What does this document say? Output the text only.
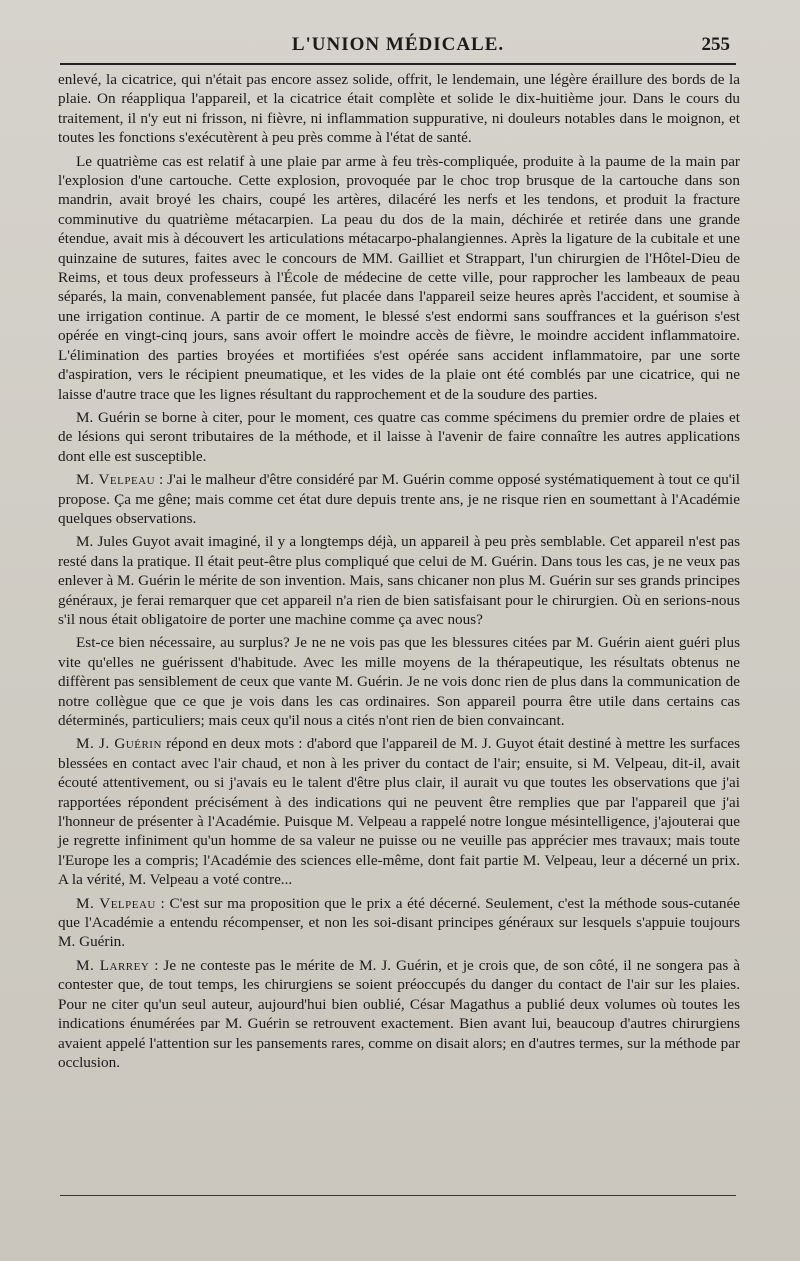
L'UNION MÉDICALE.	255

enlevé, la cicatrice, qui n'était pas encore assez solide, offrit, le lendemain, une légère éraillure des bords de la plaie. On réappliqua l'appareil, et la cicatrice était complète et solide le dix-huitième jour. Dans le cours du traitement, il n'y eut ni frisson, ni fièvre, ni inflammation suppurative, ni douleurs notables dans le moignon, et toutes les fonctions s'exécutèrent à peu près comme à l'état de santé.

Le quatrième cas est relatif à une plaie par arme à feu très-compliquée, produite à la paume de la main par l'explosion d'une cartouche. Cette explosion, provoquée par le choc trop brusque de la cartouche dans son mandrin, avait broyé les chairs, coupé les artères, dilacéré les nerfs et les tendons, et produit la fracture comminutive du quatrième métacarpien. La peau du dos de la main, déchirée et retirée dans une grande étendue, avait mis à découvert les articulations métacarpo-phalangiennes. Après la ligature de la cubitale et une quinzaine de sutures, faites avec le concours de MM. Gailliet et Strappart, l'un chirurgien de l'Hôtel-Dieu de Reims, et tous deux professeurs à l'École de médecine de cette ville, pour rapprocher les lambeaux de peau séparés, la main, convenablement pansée, fut placée dans l'appareil seize heures après l'accident, et soumise à une irrigation continue. A partir de ce moment, le blessé s'est endormi sans souffrances et la guérison s'est opérée en vingt-cinq jours, sans avoir offert le moindre accès de fièvre, le moindre accident inflammatoire. L'élimination des parties broyées et mortifiées s'est opérée sans accident inflammatoire, par une sorte d'aspiration, vers le récipient pneumatique, et les vides de la plaie ont été comblés par une cicatrice, qui ne laisse d'autre trace que les lignes résultant du rapprochement et de la soudure des parties.

M. Guérin se borne à citer, pour le moment, ces quatre cas comme spécimens du premier ordre de plaies et de lésions qui seront tributaires de la méthode, et il laisse à l'avenir de faire connaître les autres applications dont elle est susceptible.

M. Velpeau : J'ai le malheur d'être considéré par M. Guérin comme opposé systématiquement à tout ce qu'il propose. Ça me gêne; mais comme cet état dure depuis trente ans, je ne risque rien en soumettant à l'Académie quelques observations.

M. Jules Guyot avait imaginé, il y a longtemps déjà, un appareil à peu près semblable. Cet appareil n'est pas resté dans la pratique. Il était peut-être plus compliqué que celui de M. Guérin. Dans tous les cas, je ne veux pas enlever à M. Guérin le mérite de son invention. Mais, sans chicaner non plus M. Guérin sur ses grands principes généraux, je ferai remarquer que cet appareil n'a rien de bien satisfaisant pour le chirurgien. Où en serions-nous s'il nous était obligatoire de porter une machine comme ça avec nous?

Est-ce bien nécessaire, au surplus? Je ne ne vois pas que les blessures citées par M. Guérin aient guéri plus vite qu'elles ne guérissent d'habitude. Avec les mille moyens de la thérapeutique, les résultats obtenus ne diffèrent pas sensiblement de ceux que vante M. Guérin. Je ne vois donc rien de plus dans la communication de notre collègue que ce que je vois dans les cas ordinaires. Son appareil pourra être utile dans certains cas déterminés, particuliers; mais ceux qu'il nous a cités n'ont rien de bien convaincant.

M. J. Guérin répond en deux mots : d'abord que l'appareil de M. J. Guyot était destiné à mettre les surfaces blessées en contact avec l'air chaud, et non à les priver du contact de l'air; ensuite, si M. Velpeau, dit-il, avait écouté attentivement, ou si j'avais eu le talent d'être plus clair, il aurait vu que toutes les observations que j'ai rapportées répondent précisément à des indications qui ne peuvent être remplies que par l'appareil que j'ai l'honneur de présenter à l'Académie. Puisque M. Velpeau a rappelé notre longue mésintelligence, j'ajouterai que je regrette infiniment qu'un homme de sa valeur ne puisse ou ne veuille pas apprécier mes travaux; mais toute l'Europe les a compris; l'Académie des sciences elle-même, dont fait partie M. Velpeau, leur a décerné un prix. A la vérité, M. Velpeau a voté contre...

M. Velpeau : C'est sur ma proposition que le prix a été décerné. Seulement, c'est la méthode sous-cutanée que l'Académie a entendu récompenser, et non les soi-disant principes généraux sur lesquels s'appuie toujours M. Guérin.

M. Larrey : Je ne conteste pas le mérite de M. J. Guérin, et je crois que, de son côté, il ne songera pas à contester que, de tout temps, les chirurgiens se soient préoccupés du danger du contact de l'air sur les plaies. Pour ne citer qu'un seul auteur, aujourd'hui bien oublié, César Magathus a publié deux volumes où toutes les indications énumérées par M. Guérin se retrouvent exactement. Bien avant lui, beaucoup d'autres chirurgiens avaient appelé l'attention sur les pansements rares, comme on disait alors; en d'autres termes, sur la méthode par occlusion.
